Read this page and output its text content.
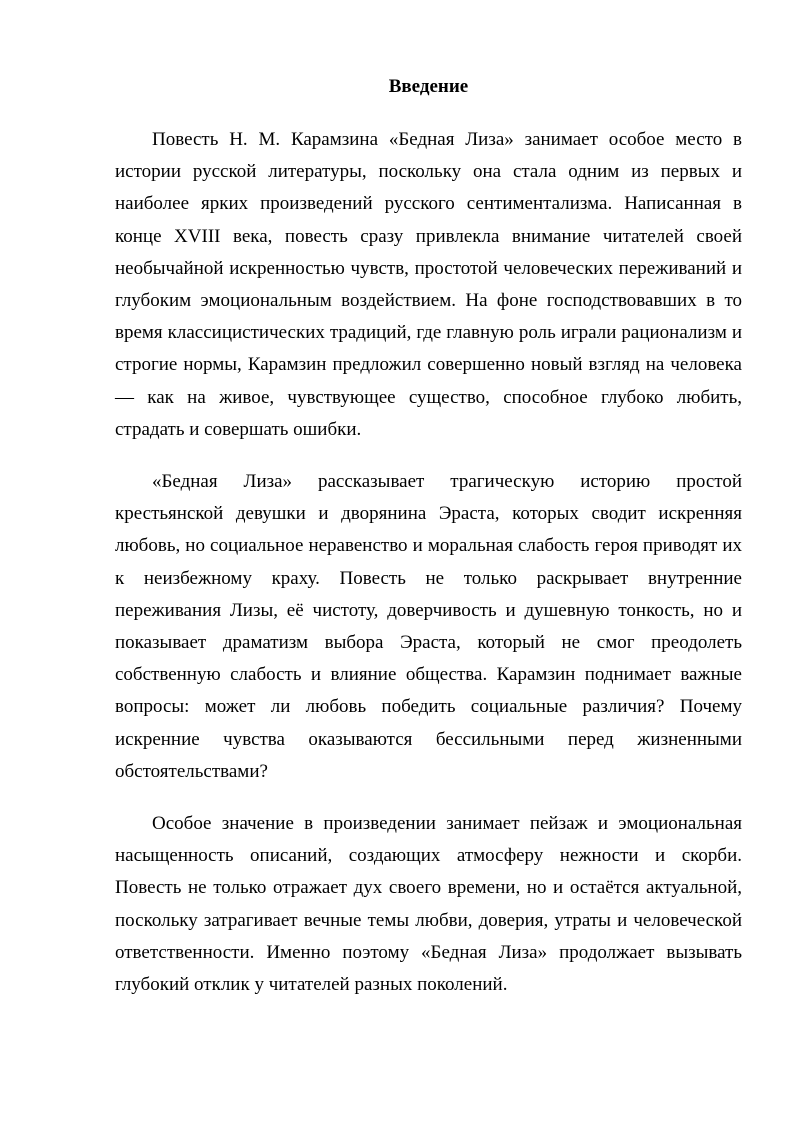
Введение

Повесть Н. М. Карамзина «Бедная Лиза» занимает особое место в истории русской литературы, поскольку она стала одним из первых и наиболее ярких произведений русского сентиментализма. Написанная в конце XVIII века, повесть сразу привлекла внимание читателей своей необычайной искренностью чувств, простотой человеческих переживаний и глубоким эмоциональным воздействием. На фоне господствовавших в то время классицистических традиций, где главную роль играли рационализм и строгие нормы, Карамзин предложил совершенно новый взгляд на человека — как на живое, чувствующее существо, способное глубоко любить, страдать и совершать ошибки.

«Бедная Лиза» рассказывает трагическую историю простой крестьянской девушки и дворянина Эраста, которых сводит искренняя любовь, но социальное неравенство и моральная слабость героя приводят их к неизбежному краху. Повесть не только раскрывает внутренние переживания Лизы, её чистоту, доверчивость и душевную тонкость, но и показывает драматизм выбора Эраста, который не смог преодолеть собственную слабость и влияние общества. Карамзин поднимает важные вопросы: может ли любовь победить социальные различия? Почему искренние чувства оказываются бессильными перед жизненными обстоятельствами?

Особое значение в произведении занимает пейзаж и эмоциональная насыщенность описаний, создающих атмосферу нежности и скорби. Повесть не только отражает дух своего времени, но и остаётся актуальной, поскольку затрагивает вечные темы любви, доверия, утраты и человеческой ответственности. Именно поэтому «Бедная Лиза» продолжает вызывать глубокий отклик у читателей разных поколений.
